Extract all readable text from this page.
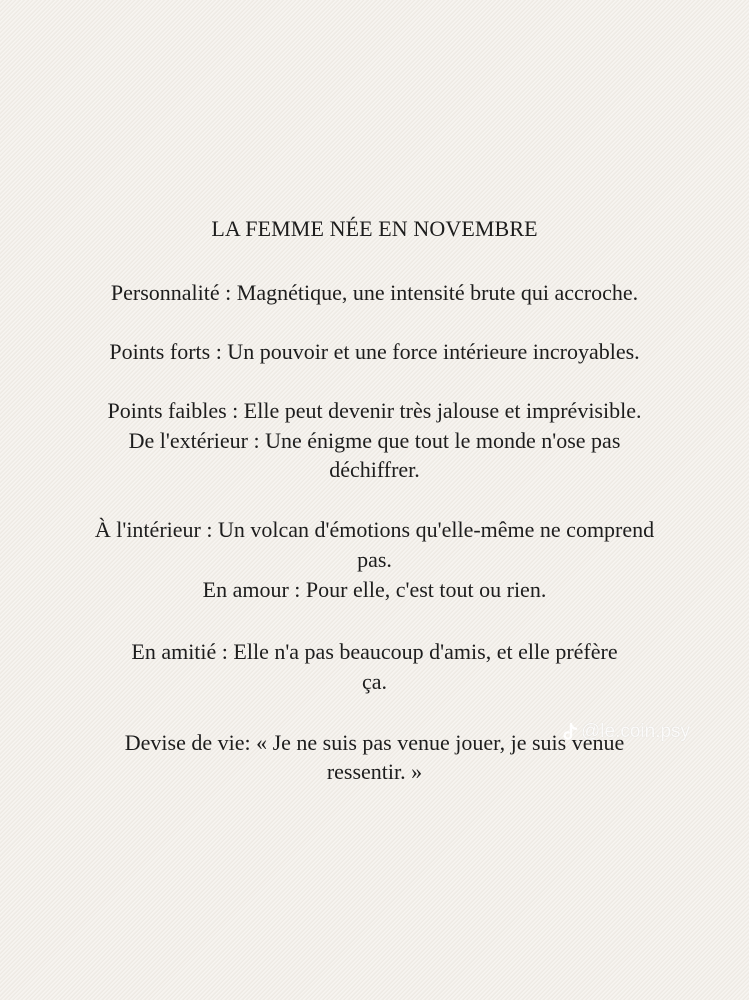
LA FEMME NÉE EN NOVEMBRE
Personnalité : Magnétique, une intensité brute qui accroche.
Points forts : Un pouvoir et une force intérieure incroyables.
Points faibles : Elle peut devenir très jalouse et imprévisible.
De l'extérieur : Une énigme que tout le monde n'ose pas
déchiffrer.
À l'intérieur : Un volcan d'émotions qu'elle-même ne comprend
pas.
En amour : Pour elle, c'est tout ou rien.
En amitié : Elle n'a pas beaucoup d'amis, et elle préfère
ça.
Devise de vie: « Je ne suis pas venue jouer, je suis venue
ressentir. »
@le.coin.psy
